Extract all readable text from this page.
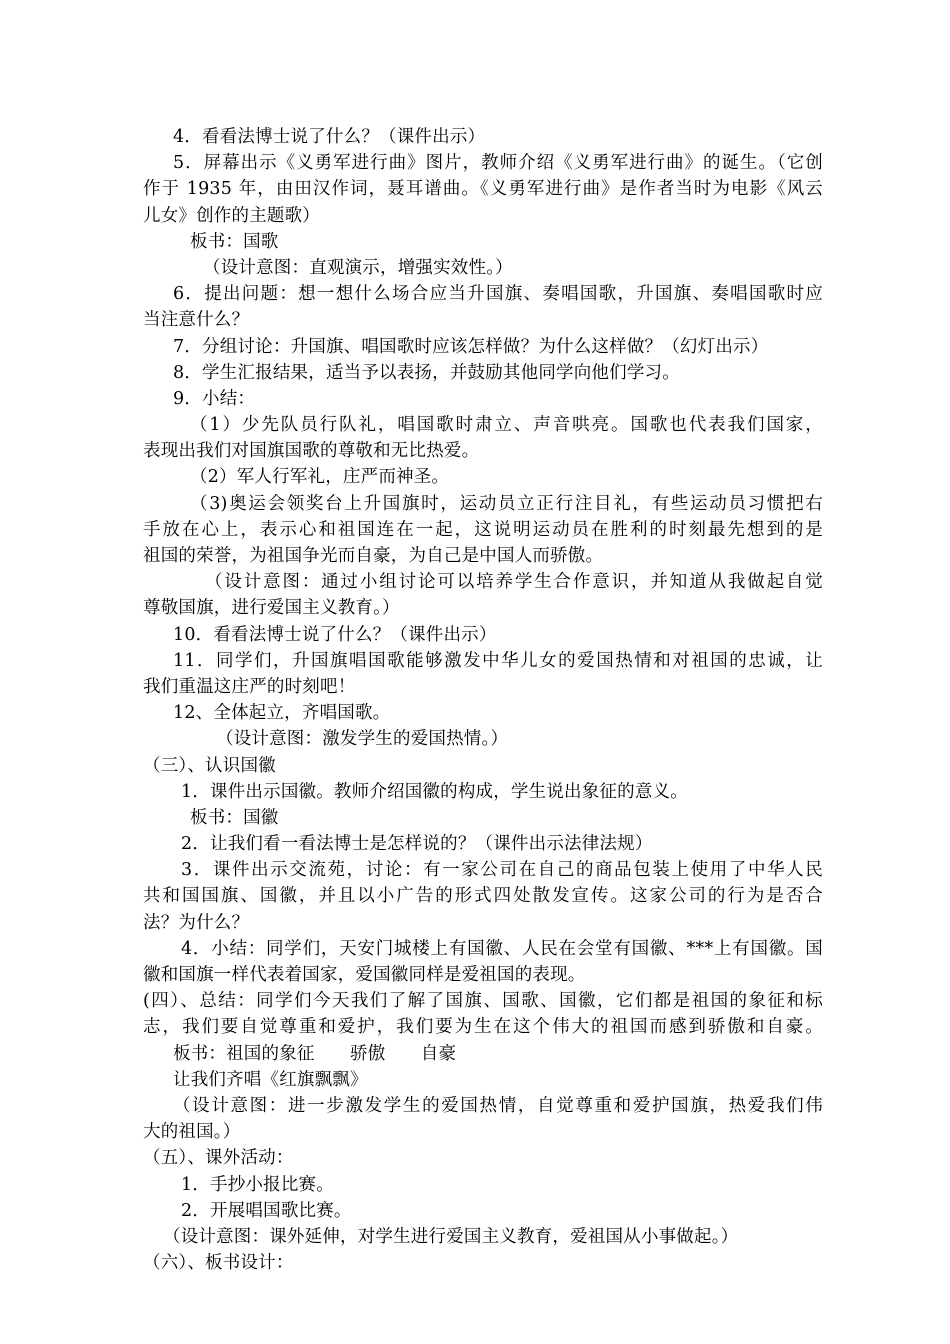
4．看看法博士说了什么？（课件出示）
5．屏幕出示《义勇军进行曲》图片，教师介绍《义勇军进行曲》的诞生。（它创
作于 1935 年，由田汉作词，聂耳谱曲。《义勇军进行曲》是作者当时为电影《风云
儿女》创作的主题歌）
板书：国歌
（设计意图：直观演示，增强实效性。）
6．提出问题：想一想什么场合应当升国旗、奏唱国歌，升国旗、奏唱国歌时应
当注意什么？
7．分组讨论：升国旗、唱国歌时应该怎样做？为什么这样做？（幻灯出示）
8．学生汇报结果，适当予以表扬，并鼓励其他同学向他们学习。
9．小结：
（1）少先队员行队礼，唱国歌时肃立、声音哄亮。国歌也代表我们国家，
表现出我们对国旗国歌的尊敬和无比热爱。
（2）军人行军礼，庄严而神圣。
（3)奥运会领奖台上升国旗时，运动员立正行注目礼，有些运动员习惯把右
手放在心上，表示心和祖国连在一起，这说明运动员在胜利的时刻最先想到的是
祖国的荣誉，为祖国争光而自豪，为自己是中国人而骄傲。
（设计意图：通过小组讨论可以培养学生合作意识，并知道从我做起自觉
尊敬国旗，进行爱国主义教育。）
10．看看法博士说了什么？（课件出示）
11．同学们，升国旗唱国歌能够激发中华儿女的爱国热情和对祖国的忠诚，让
我们重温这庄严的时刻吧！
12、全体起立，齐唱国歌。
（设计意图：激发学生的爱国热情。）
（三）、认识国徽
1．课件出示国徽。教师介绍国徽的构成，学生说出象征的意义。
板书：国徽
2．让我们看一看法博士是怎样说的？（课件出示法律法规）
3．课件出示交流苑，讨论：有一家公司在自己的商品包装上使用了中华人民
共和国国旗、国徽，并且以小广告的形式四处散发宣传。这家公司的行为是否合
法？为什么？
4．小结：同学们，天安门城楼上有国徽、人民在会堂有国徽、***上有国徽。国
徽和国旗一样代表着国家，爱国徽同样是爱祖国的表现。
(四）、总结：同学们今天我们了解了国旗、国歌、国徽，它们都是祖国的象征和标
志，我们要自觉尊重和爱护，我们要为生在这个伟大的祖国而感到骄傲和自豪。
板书：祖国的象征　　骄傲　　自豪
让我们齐唱《红旗飘飘》
（设计意图：进一步激发学生的爱国热情，自觉尊重和爱护国旗，热爱我们伟
大的祖国。）
（五）、课外活动：
1．手抄小报比赛。
2．开展唱国歌比赛。
（设计意图：课外延伸，对学生进行爱国主义教育，爱祖国从小事做起。）
（六）、板书设计：
